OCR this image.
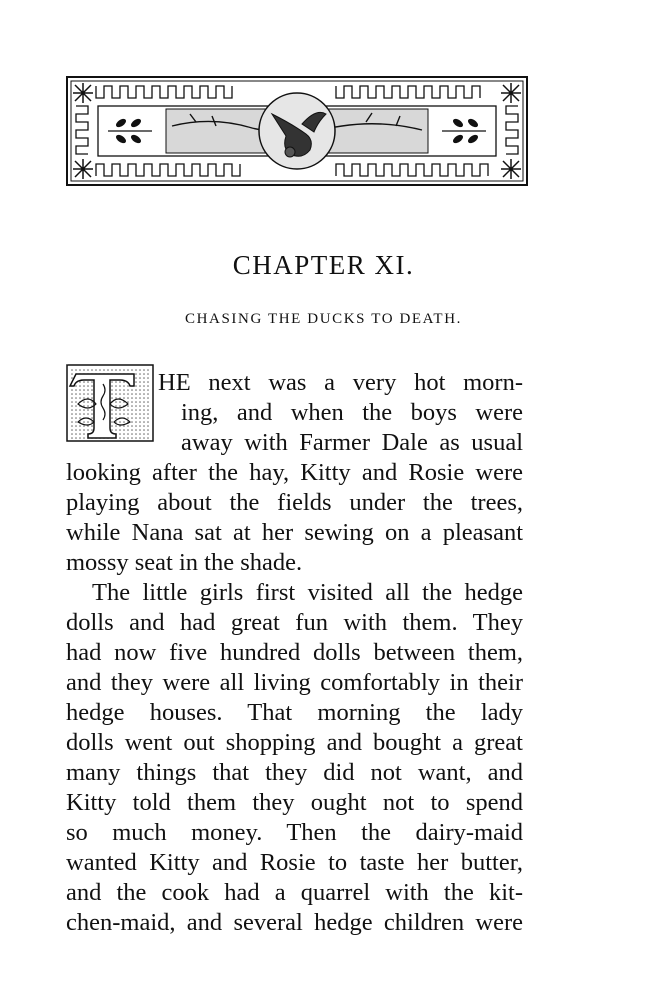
CHAPTER XI.
CHASING THE DUCKS TO DEATH.
T

HE next was a very hot morn-

ing, and when the boys were

away with Farmer Dale as usual

looking after the hay, Kitty and Rosie were

playing about the fields under the trees,

while Nana sat at her sewing on a pleasant

mossy seat in the shade.

The little girls first visited all the hedge

dolls and had great fun with them. They

had now five hundred dolls between them,

and they were all living comfortably in their

hedge houses. That morning the lady

dolls went out shopping and bought a great

many things that they did not want, and

Kitty told them they ought not to spend

so much money. Then the dairy-maid

wanted Kitty and Rosie to taste her butter,

and the cook had a quarrel with the kit-

chen-maid, and several hedge children were
